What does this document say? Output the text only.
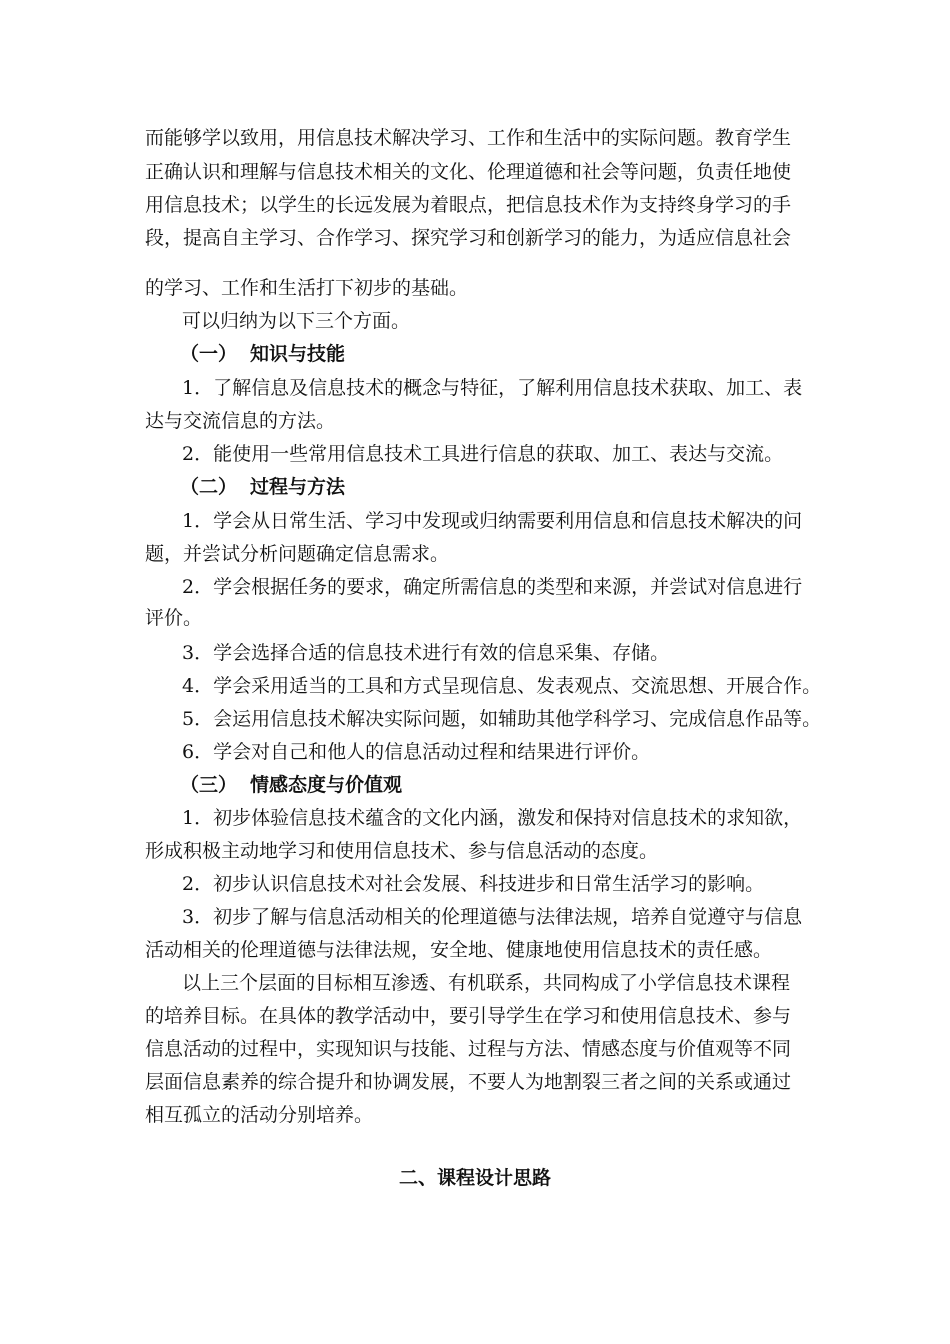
而能够学以致用，用信息技术解决学习、工作和生活中的实际问题。教育学生
正确认识和理解与信息技术相关的文化、伦理道德和社会等问题，负责任地使
用信息技术；以学生的长远发展为着眼点，把信息技术作为支持终身学习的手
段，提高自主学习、合作学习、探究学习和创新学习的能力，为适应信息社会
的学习、工作和生活打下初步的基础。
可以归纳为以下三个方面。
（一） 知识与技能
1．了解信息及信息技术的概念与特征，了解利用信息技术获取、加工、表
达与交流信息的方法。
2．能使用一些常用信息技术工具进行信息的获取、加工、表达与交流。
（二） 过程与方法
1．学会从日常生活、学习中发现或归纳需要利用信息和信息技术解决的问
题，并尝试分析问题确定信息需求。
2．学会根据任务的要求，确定所需信息的类型和来源，并尝试对信息进行
评价。
3．学会选择合适的信息技术进行有效的信息采集、存储。
4．学会采用适当的工具和方式呈现信息、发表观点、交流思想、开展合作。
5．会运用信息技术解决实际问题，如辅助其他学科学习、完成信息作品等。
6．学会对自己和他人的信息活动过程和结果进行评价。
（三） 情感态度与价值观
1．初步体验信息技术蕴含的文化内涵，激发和保持对信息技术的求知欲，
形成积极主动地学习和使用信息技术、参与信息活动的态度。
2．初步认识信息技术对社会发展、科技进步和日常生活学习的影响。
3．初步了解与信息活动相关的伦理道德与法律法规，培养自觉遵守与信息
活动相关的伦理道德与法律法规，安全地、健康地使用信息技术的责任感。
以上三个层面的目标相互渗透、有机联系，共同构成了小学信息技术课程
的培养目标。在具体的教学活动中，要引导学生在学习和使用信息技术、参与
信息活动的过程中，实现知识与技能、过程与方法、情感态度与价值观等不同
层面信息素养的综合提升和协调发展，不要人为地割裂三者之间的关系或通过
相互孤立的活动分别培养。
二、课程设计思路
